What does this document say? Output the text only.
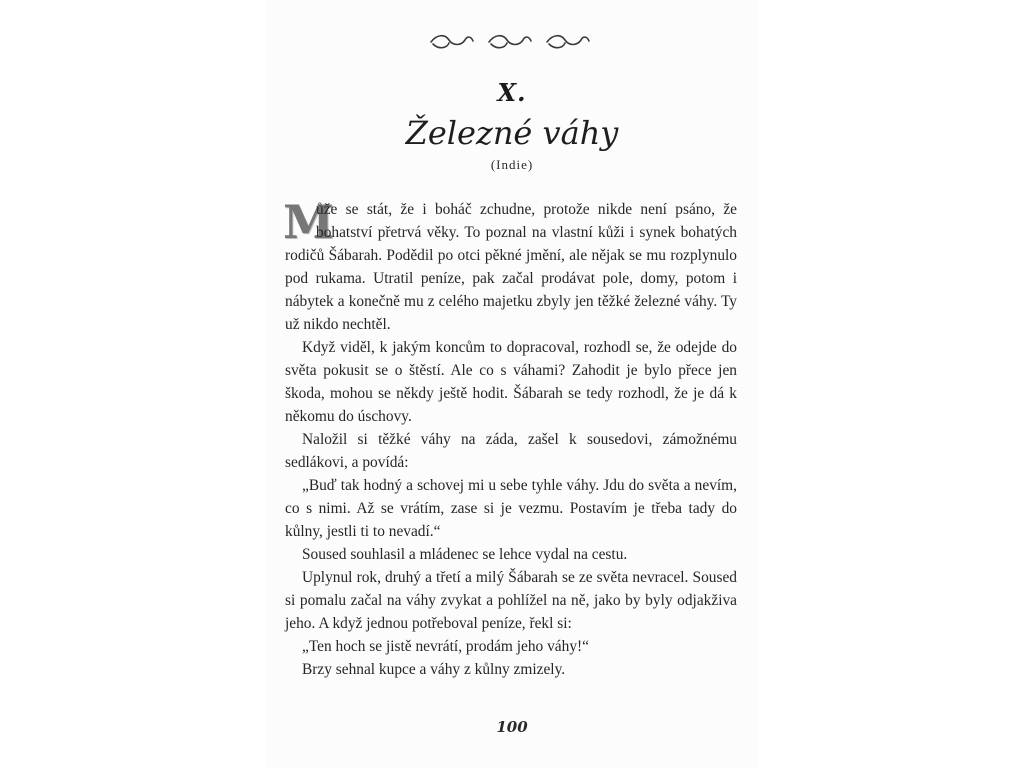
X.
Železné váhy
(Indie)

M
ůže se stát, že i boháč zchudne, protože nikde není psáno, že bohatství přetrvá věky. To poznal na vlastní kůži i synek bohatých rodičů Šábarah. Podědil po otci pěkné jmění, ale nějak se mu rozplynulo pod rukama. Utratil peníze, pak začal prodávat pole, domy, potom i nábytek a konečně mu z celého majetku zbyly jen těžké železné váhy. Ty už nikdo nechtěl.

Když viděl, k jakým koncům to dopracoval, rozhodl se, že odejde do světa pokusit se o štěstí. Ale co s váhami? Zahodit je bylo přece jen škoda, mohou se někdy ještě hodit. Šábarah se tedy rozhodl, že je dá k někomu do úschovy.

Naložil si těžké váhy na záda, zašel k sousedovi, zámožnému sedlákovi, a povídá:

„Buď tak hodný a schovej mi u sebe tyhle váhy. Jdu do světa a nevím, co s nimi. Až se vrátím, zase si je vezmu. Postavím je třeba tady do kůlny, jestli ti to nevadí.“

Soused souhlasil a mládenec se lehce vydal na cestu.

Uplynul rok, druhý a třetí a milý Šábarah se ze světa nevracel. Soused si pomalu začal na váhy zvykat a pohlížel na ně, jako by byly odjakživa jeho. A když jednou potřeboval peníze, řekl si:

„Ten hoch se jistě nevrátí, prodám jeho váhy!“

Brzy sehnal kupce a váhy z kůlny zmizely.

100
